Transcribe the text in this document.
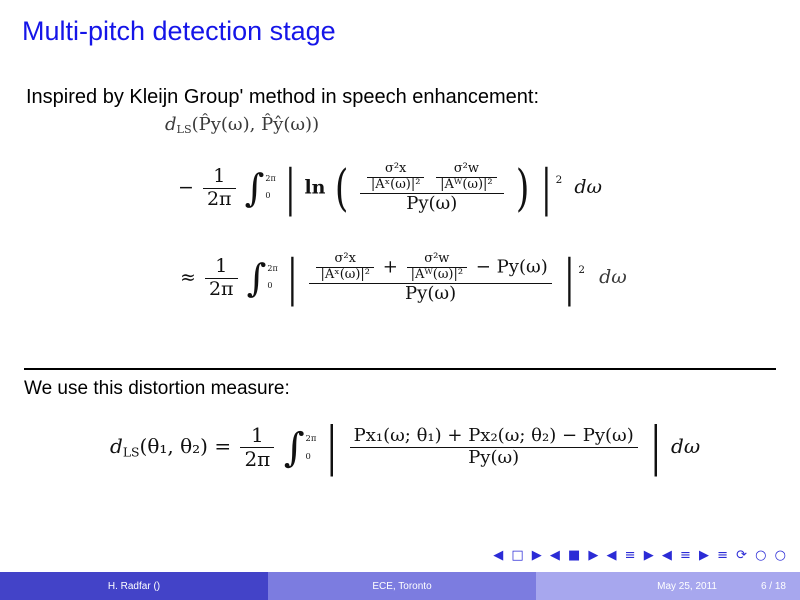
Multi-pitch detection stage
Inspired by Kleijn Group' method in speech enhancement:
$d_{LS}(P̂y(\omega)$, P̂ŷ(ω))
− $\frac{1}{2\pi}$ ∫ 2π
0 | ln ( $\frac{\text{σ²x}}{\text{|Aˣ(ω)|²}}$
$\frac{\text{σ²w}}{\text{|Aᵂ(ω)|²}}$
Py(ω)	) | $^2$ dω
≈ $\frac{1}{2\pi}$ ∫ 2π
0 | $\frac{\text{σ²x}}{\text{|Aˣ(ω)|²}} + \frac{\text{σ²w}}{\text{|Aᵂ(ω)|²}} - Py(\omega)$
Py(ω)	| $^2$ dω
We use this distortion measure:
$d_{LS}(\theta_1$, $\theta_2) = \frac{1}{2\pi}$ ∫ 2π
0 | $\frac{\text{Px₁(ω; θ₁) + Px₂(ω; θ₂) − Py(ω)}}{Py(\omega)}$ | dω
◀ □ ▶ ◀ ■ ▶ ◀ ≡ ▶ ◀ ≡ ▶ ≡ ⟳ ○ ○
H. Radfar ()	ECE, Toronto	May 25, 2011	6 / 18
